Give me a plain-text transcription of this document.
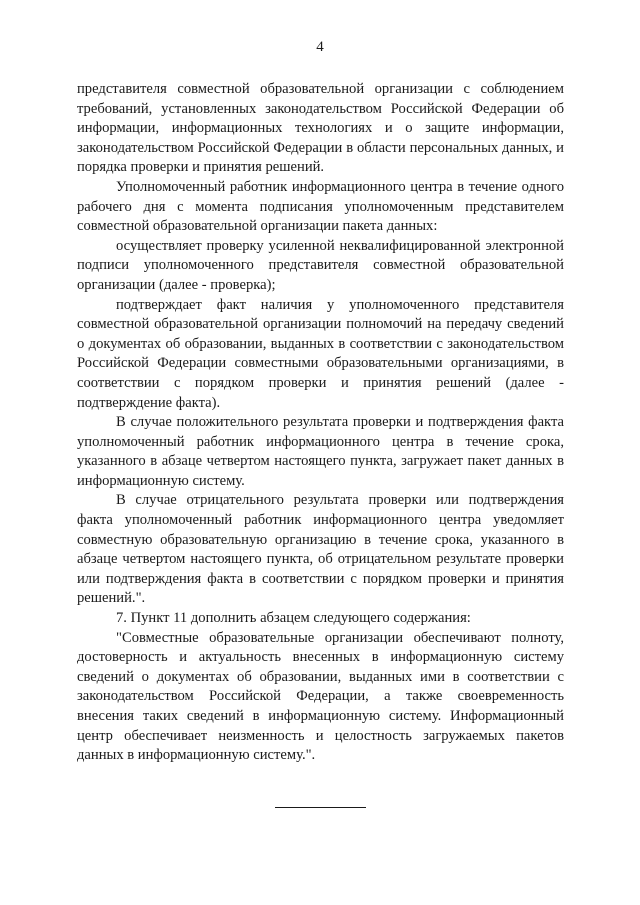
4

представителя совместной образовательной организации с соблюдением требований, установленных законодательством Российской Федерации об информации, информационных технологиях и о защите информации, законодательством Российской Федерации в области персональных данных, и порядка проверки и принятия решений.

Уполномоченный работник информационного центра в течение одного рабочего дня с момента подписания уполномоченным представителем совместной образовательной организации пакета данных:

осуществляет проверку усиленной неквалифицированной электронной подписи уполномоченного представителя совместной образовательной организации (далее - проверка);

подтверждает факт наличия у уполномоченного представителя совместной образовательной организации полномочий на передачу сведений о документах об образовании, выданных в соответствии с законодательством Российской Федерации совместными образовательными организациями, в соответствии с порядком проверки и принятия решений (далее - подтверждение факта).

В случае положительного результата проверки и подтверждения факта уполномоченный работник информационного центра в течение срока, указанного в абзаце четвертом настоящего пункта, загружает пакет данных в информационную систему.

В случае отрицательного результата проверки или подтверждения факта уполномоченный работник информационного центра уведомляет совместную образовательную организацию в течение срока, указанного в абзаце четвертом настоящего пункта, об отрицательном результате проверки или подтверждения факта в соответствии с порядком проверки и принятия решений.".

7. Пункт 11 дополнить абзацем следующего содержания:

"Совместные образовательные организации обеспечивают полноту, достоверность и актуальность внесенных в информационную систему сведений о документах об образовании, выданных ими в соответствии с законодательством Российской Федерации, а также своевременность внесения таких сведений в информационную систему. Информационный центр обеспечивает неизменность и целостность загружаемых пакетов данных в информационную систему.".
